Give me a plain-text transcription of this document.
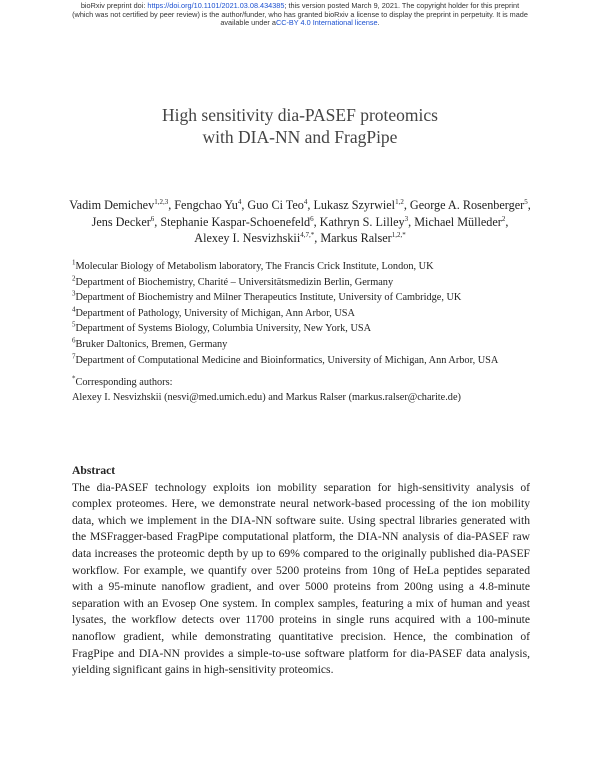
bioRxiv preprint doi: https://doi.org/10.1101/2021.03.08.434385; this version posted March 9, 2021. The copyright holder for this preprint
(which was not certified by peer review) is the author/funder, who has granted bioRxiv a license to display the preprint in perpetuity. It is made
available under aCC-BY 4.0 International license.
High sensitivity dia-PASEF proteomics
with DIA-NN and FragPipe
Vadim Demichev$^{1,2,3}$, Fengchao Yu$^4$, Guo Ci Teo$^4$, Lukasz Szyrwiel$^{1,2}$, George A. Rosenberger$^5$,
Jens Decker$^6$, Stephanie Kaspar-Schoenefeld$^6$, Kathryn S. Lilley$^3$, Michael Mülleder$^2$,
Alexey I. Nesvizhskii$^{4,7,*}$, Markus Ralser$^{1,2,*}$
$^1$Molecular Biology of Metabolism laboratory, The Francis Crick Institute, London, UK
$^2$Department of Biochemistry, Charité – Universitätsmedizin Berlin, Germany
$^3$Department of Biochemistry and Milner Therapeutics Institute, University of Cambridge, UK
$^4$Department of Pathology, University of Michigan, Ann Arbor, USA
$^5$Department of Systems Biology, Columbia University, New York, USA
$^6$Bruker Daltonics, Bremen, Germany
$^7$Department of Computational Medicine and Bioinformatics, University of Michigan, Ann Arbor, USA
*Corresponding authors:
Alexey I. Nesvizhskii (nesvi@med.umich.edu) and Markus Ralser (markus.ralser@charite.de)
Abstract
The dia-PASEF technology exploits ion mobility separation for high-sensitivity analysis of complex proteomes. Here, we demonstrate neural network-based processing of the ion mobility data, which we implement in the DIA-NN software suite. Using spectral libraries generated with the MSFragger-based FragPipe computational platform, the DIA-NN analysis of dia-PASEF raw data increases the proteomic depth by up to 69% compared to the originally published dia-PASEF workflow. For example, we quantify over 5200 proteins from 10ng of HeLa peptides separated with a 95-minute nanoflow gradient, and over 5000 proteins from 200ng using a 4.8-minute separation with an Evosep One system. In complex samples, featuring a mix of human and yeast lysates, the workflow detects over 11700 proteins in single runs acquired with a 100-minute nanoflow gradient, while demonstrating quantitative precision. Hence, the combination of FragPipe and DIA-NN provides a simple-to-use software platform for dia-PASEF data analysis, yielding significant gains in high-sensitivity proteomics.
